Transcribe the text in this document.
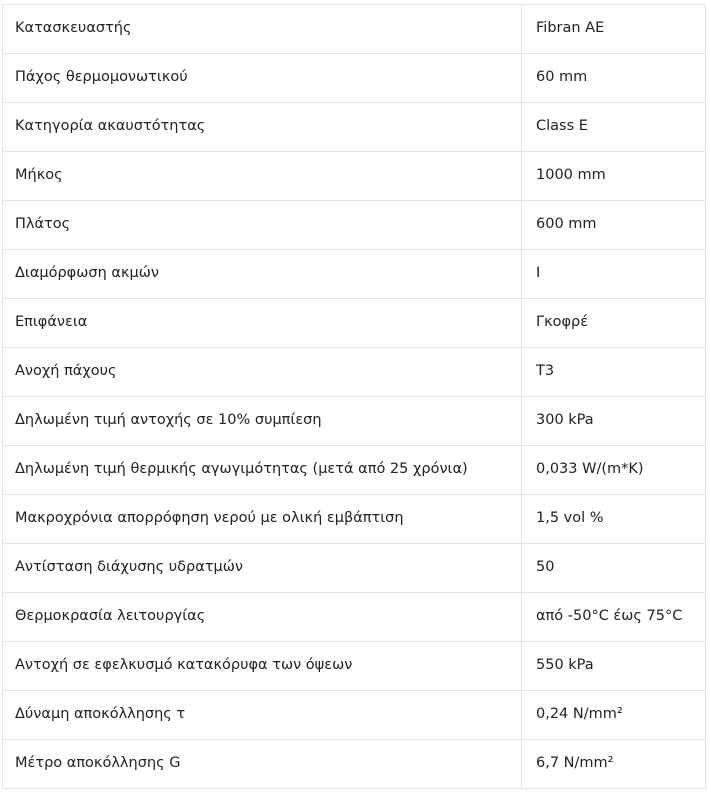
Κατασκευαστής	Fibran AE
Πάχος θερμομονωτικού	60 mm
Κατηγορία ακαυστότητας	Class E
Μήκος	1000 mm
Πλάτος	600 mm
Διαμόρφωση ακμών	I
Επιφάνεια	Γκοφρέ
Ανοχή πάχους	T3
Δηλωμένη τιμή αντοχής σε 10% συμπίεση	300 kPa
Δηλωμένη τιμή θερμικής αγωγιμότητας (μετά από 25 χρόνια)	0,033 W/(m*K)
Μακροχρόνια απορρόφηση νερού με ολική εμβάπτιση	1,5 vol %
Αντίσταση διάχυσης υδρατμών	50
Θερμοκρασία λειτουργίας	από -50°C έως 75°C
Αντοχή σε εφελκυσμό κατακόρυφα των όψεων	550 kPa
Δύναμη αποκόλλησης τ	0,24 N/mm²
Μέτρο αποκόλλησης G	6,7 N/mm²
